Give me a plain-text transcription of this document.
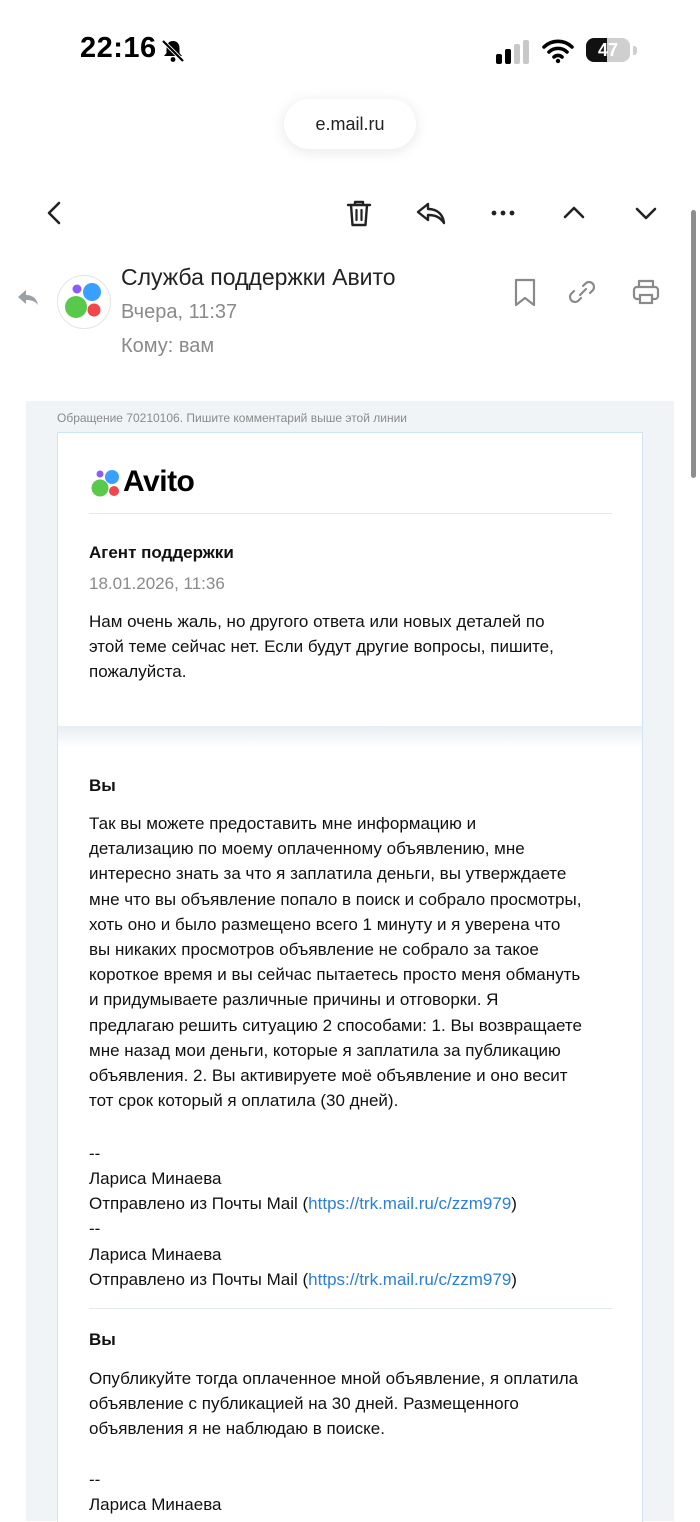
22:16	47
e.mail.ru
Служба поддержки Авито
Вчера, 11:37
Кому: вам
Обращение 70210106. Пишите комментарий выше этой линии
Avito
Агент поддержки
18.01.2026, 11:36
Нам очень жаль, но другого ответа или новых деталей по
этой теме сейчас нет. Если будут другие вопросы, пишите,
пожалуйста.
Вы
Так вы можете предоставить мне информацию и
детализацию по моему оплаченному объявлению, мне
интересно знать за что я заплатила деньги, вы утверждаете
мне что вы объявление попало в поиск и собрало просмотры,
хоть оно и было размещено всего 1 минуту и я уверена что
вы никаких просмотров объявление не собрало за такое
короткое время и вы сейчас пытаетесь просто меня обмануть
и придумываете различные причины и отговорки. Я
предлагаю решить ситуацию 2 способами: 1. Вы возвращаете
мне назад мои деньги, которые я заплатила за публикацию
объявления. 2. Вы активируете моё объявление и оно весит
тот срок который я оплатила (30 дней).
--
Лариса Минаева
Отправлено из Почты Mail (https://trk.mail.ru/c/zzm979)
--
Лариса Минаева
Отправлено из Почты Mail (https://trk.mail.ru/c/zzm979)
Вы
Опубликуйте тогда оплаченное мной объявление, я оплатила
объявление с публикацией на 30 дней. Размещенного
объявления я не наблюдаю в поиске.
--
Лариса Минаева
